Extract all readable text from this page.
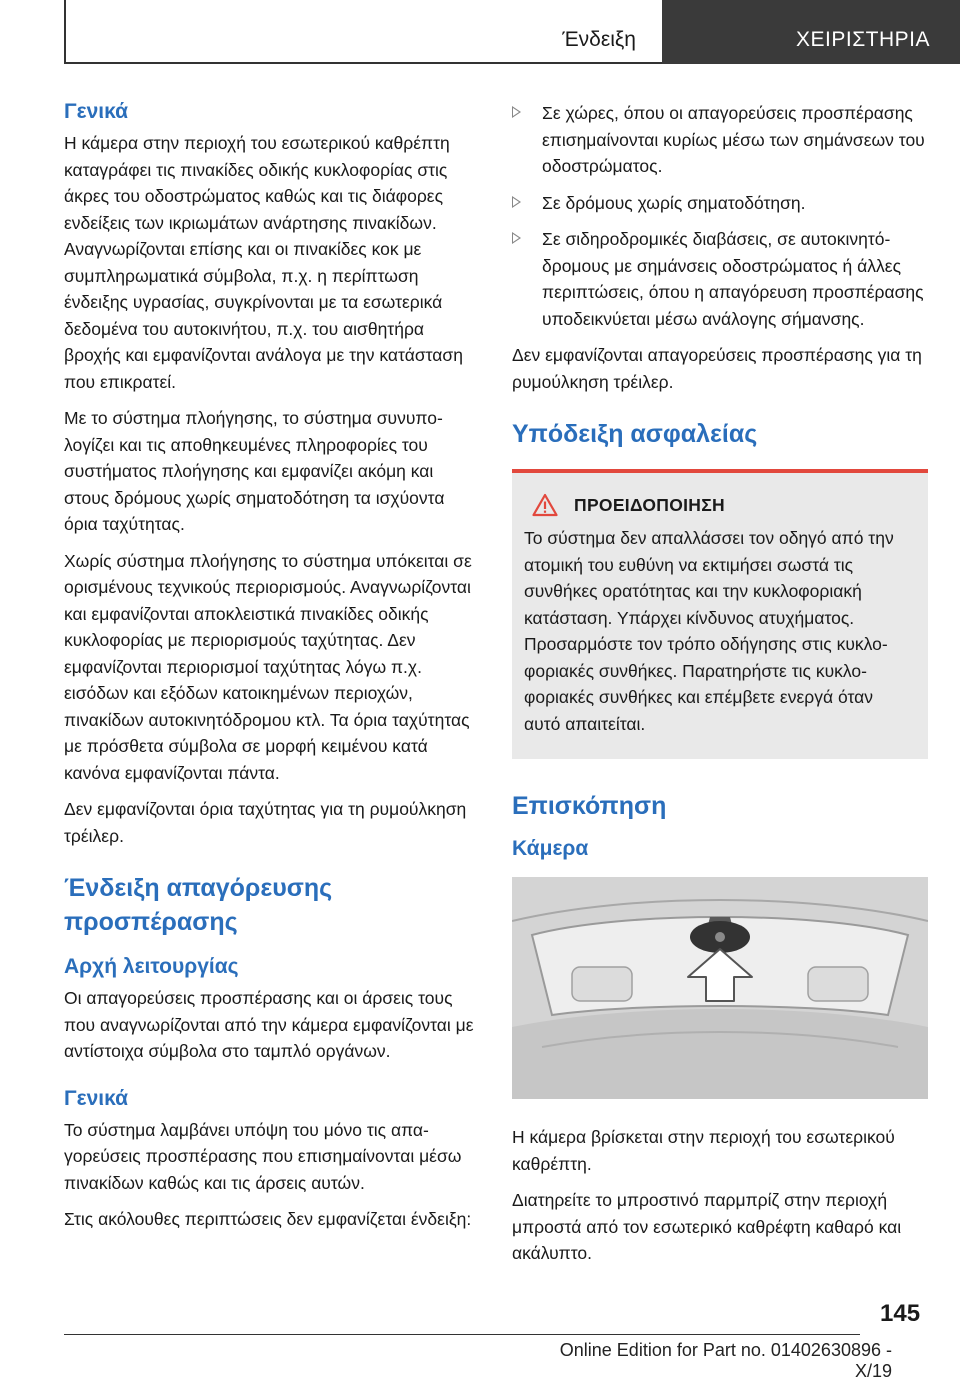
Ένδειξη	ΧΕΙΡΙΣΤΗΡΙΑ
Γενικά

Η κάμερα στην περιοχή του εσωτερικού καθρέπτη καταγράφει τις πινακίδες οδικής κυκλοφορίας στις άκρες του οδοστρώματος καθώς και τις διάφορες ενδείξεις των ικριωμάτων ανάρτησης πινακίδων. Αναγνωρίζονται επίσης και οι πινακίδες κοκ με συμπληρωματικά σύμβολα, π.χ. η περίπτωση ένδειξης υγρασίας, συγκρίνονται με τα εσωτερικά δεδομένα του αυτοκινήτου, π.χ. του αισθητήρα βροχής και εμφανίζονται ανάλογα με την κατάσταση που επικρατεί.

Με το σύστημα πλοήγησης, το σύστημα συνυπολογίζει και τις αποθηκευμένες πληροφορίες του συστήματος πλοήγησης και εμφανίζει ακόμη και στους δρόμους χωρίς σηματοδότηση τα ισχύοντα όρια ταχύτητας.

Χωρίς σύστημα πλοήγησης το σύστημα υπόκειται σε ορισμένους τεχνικούς περιορισμούς. Αναγνωρίζονται και εμφανίζονται αποκλειστικά πινακίδες οδικής κυκλοφορίας με περιορισμούς ταχύτητας. Δεν εμφανίζονται περιορισμοί ταχύτητας λόγω π.χ. εισόδων και εξόδων κατοικημένων περιοχών, πινακίδων αυτοκινητόδρομου κτλ. Τα όρια ταχύτητας με πρόσθετα σύμβολα σε μορφή κειμένου κατά κανόνα εμφανίζονται πάντα.

Δεν εμφανίζονται όρια ταχύτητας για τη ρυμούλκηση τρέιλερ.

Ένδειξη απαγόρευσης προσπέρασης
Αρχή λειτουργίας

Οι απαγορεύσεις προσπέρασης και οι άρσεις τους που αναγνωρίζονται από την κάμερα εμφανίζονται με αντίστοιχα σύμβολα στο ταμπλό οργάνων.

Γενικά

Το σύστημα λαμβάνει υπόψη του μόνο τις απαγορεύσεις προσπέρασης που επισημαίνονται μέσω πινακίδων καθώς και τις άρσεις αυτών.

Στις ακόλουθες περιπτώσεις δεν εμφανίζεται ένδειξη:

Σε χώρες, όπου οι απαγορεύσεις προσπέρασης επισημαίνονται κυρίως μέσω των σημάνσεων του οδοστρώματος.
Σε δρόμους χωρίς σηματοδότηση.
Σε σιδηροδρομικές διαβάσεις, σε αυτοκινητόδρομους με σημάνσεις οδοστρώματος ή άλλες περιπτώσεις, όπου η απαγόρευση προσπέρασης υποδεικνύεται μέσω ανάλογης σήμανσης.

Δεν εμφανίζονται απαγορεύσεις προσπέρασης για τη ρυμούλκηση τρέιλερ.

Υπόδειξη ασφαλείας
ΠΡΟΕΙΔΟΠΟΙΗΣΗ

Το σύστημα δεν απαλλάσσει τον οδηγό από την ατομική του ευθύνη να εκτιμήσει σωστά τις συνθήκες ορατότητας και την κυκλοφοριακή κατάσταση. Υπάρχει κίνδυνος ατυχήματος. Προσαρμόστε τον τρόπο οδήγησης στις κυκλοφοριακές συνθήκες. Παρατηρήστε τις κυκλοφοριακές συνθήκες και επέμβετε ενεργά όταν αυτό απαιτείται.

Επισκόπηση
Κάμερα

Η κάμερα βρίσκεται στην περιοχή του εσωτερικού καθρέπτη.

Διατηρείτε το μπροστινό παρμπρίζ στην περιοχή μπροστά από τον εσωτερικό καθρέφτη καθαρό και ακάλυπτο.

145
Online Edition for Part no. 01402630896 - X/19
